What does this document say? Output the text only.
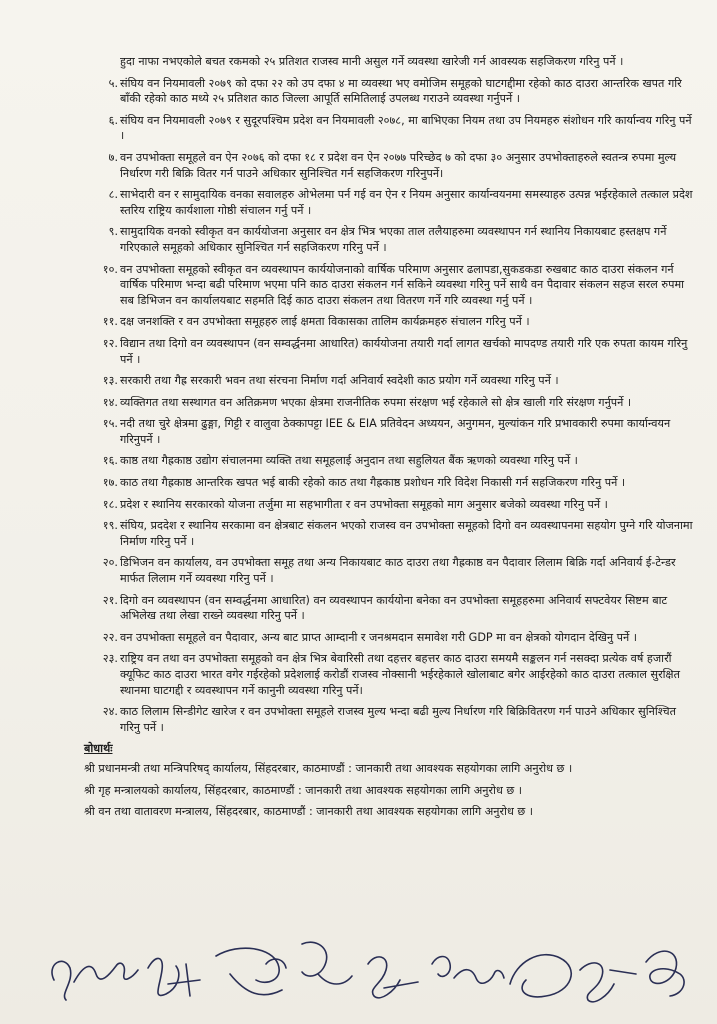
हुदा नाफा नभएकोले बचत रकमको २५ प्रतिशत राजस्व मानी असुल गर्ने व्यवस्था खारेजी गर्न आवस्यक सहजिकरण गरिनु पर्ने ।

५. संघिय वन नियमावली २०७९ को दफा २२ को उप दफा ४ मा व्यवस्था भए वमोजिम समूहको घाटगद्दीमा रहेको काठ दाउरा आन्तरिक खपत गरि बाँकी रहेको काठ मध्ये २५ प्रतिशत काठ जिल्ला आपूर्ति समितिलाई उपलब्ध गराउने व्यवस्था गर्नुपर्ने ।
६. संघिय वन नियमावली २०७९ र सुदूरपश्चिम प्रदेश वन नियमावली २०७८, मा बाभिएका नियम तथा उप नियमहरु संशोधन गरि कार्यान्वय गरिनु पर्ने ।
७. वन उपभोक्ता समूहले वन ऐन २०७६ को दफा १८ र प्रदेश वन ऐन २०७७ परिच्छेद ७ को दफा ३० अनुसार उपभोक्ताहरुले स्वतन्त्र रुपमा मुल्य निर्धारण गरी बिक्रि वितर गर्न पाउने अधिकार सुनिश्चित गर्न सहजिकरण गरिनुपर्ने।
८. साभेदारी वन र सामुदायिक वनका सवालहरु ओभेलमा पर्न गई वन ऐन र नियम अनुसार कार्यान्वयनमा समस्याहरु उत्पन्न भईरहेकाले तत्काल प्रदेश स्तरिय राष्ट्रिय कार्यशाला गोष्ठी संचालन गर्नु पर्ने ।
९. सामुदायिक वनको स्वीकृत वन कार्ययोजना अनुसार वन क्षेत्र भित्र भएका ताल तलैयाहरुमा व्यवस्थापन गर्न स्थानिय निकायबाट हस्तक्षप गर्ने गरिएकाले समूहको अधिकार सुनिश्चित गर्न सहजिकरण गरिनु पर्ने ।
१०. वन उपभोक्ता समूहको स्वीकृत वन व्यवस्थापन कार्ययोजनाको वार्षिक परिमाण अनुसार ढलापडा,सुकडकडा रुखबाट काठ दाउरा संकलन गर्न वार्षिक परिमाण भन्दा बढी परिमाण भएमा पनि काठ दाउरा संकलन गर्न सकिने व्यवस्था गरिनु पर्ने साथै वन पैदावार संकलन सहज सरल रुपमा सब डिभिजन वन कार्यालयबाट सहमति दिई काठ दाउरा संकलन तथा वितरण गर्ने गरि व्यवस्था गर्नु पर्ने ।
११. दक्ष जनशक्ति र वन उपभोक्ता समूहहरु लाई क्षमता विकासका तालिम कार्यक्रमहरु संचालन गरिनु पर्ने ।
१२. विद्यान तथा दिगो वन व्यवस्थापन (वन सम्वर्द्धनमा आधारित) कार्ययोजना तयारी गर्दा लागत खर्चको मापदण्ड तयारी गरि एक रुपता कायम गरिनु पर्ने ।
१३. सरकारी तथा गैह्र सरकारी भवन तथा संरचना निर्माण गर्दा अनिवार्य स्वदेशी काठ प्रयोग गर्ने व्यवस्था गरिनु पर्ने ।
१४. व्यक्तिगत तथा सस्थागत वन अतिक्रमण भएका क्षेत्रमा राजनीतिक रुपमा संरक्षण भई रहेकाले सो क्षेत्र खाली गरि संरक्षण गर्नुपर्ने ।
१५. नदी तथा चुरे क्षेत्रमा ढुङ्गा, गिट्टी र वालुवा ठेक्कापट्टा IEE & EIA प्रतिवेदन अध्ययन, अनुगमन, मुल्यांकन गरि प्रभावकारी रुपमा कार्यान्वयन गरिनुपर्ने ।
१६. काष्ठ तथा गैह्रकाष्ठ उद्योग संचालनमा व्यक्ति तथा समूहलाई अनुदान तथा सहुलियत बैंक ऋणको व्यवस्था गरिनु पर्ने ।
१७. काठ तथा गैह्रकाष्ठ आन्तरिक खपत भई बाकी रहेको काठ तथा गैह्रकाष्ठ प्रशोधन गरि विदेश निकासी गर्न सहजिकरण गरिनु पर्ने ।
१८. प्रदेश र स्थानिय सरकारको योजना तर्जुमा मा सहभागीता र वन उपभोक्ता समूहको माग अनुसार बजेको व्यवस्था गरिनु पर्ने ।
१९. संघिय, प्रददेश र स्थानिय सरकामा वन क्षेत्रबाट संकलन भएको राजस्व वन उपभोक्ता समूहको दिगो वन व्यवस्थापनमा सहयोग पुग्ने गरि योजनामा निर्माण गरिनु पर्ने ।
२०. डिभिजन वन कार्यालय, वन उपभोक्ता समूह तथा अन्य निकायबाट काठ दाउरा तथा गैह्रकाष्ठ वन पैदावार लिलाम बिक्रि गर्दा अनिवार्य ई-टेन्डर मार्फत लिलाम गर्ने व्यवस्था गरिनु पर्ने ।
२१. दिगो वन व्यवस्थापन (वन सम्वर्द्धनमा आधारित) वन व्यवस्थापन कार्ययोना बनेका वन उपभोक्ता समूहहरुमा अनिवार्य सफ्टवेयर सिष्टम बाट अभिलेख तथा लेखा राख्ने व्यवस्था गरिनु पर्ने ।
२२. वन उपभोक्ता समूहले वन पैदावार, अन्य बाट प्राप्त आम्दानी र जनश्रमदान समावेश गरी GDP मा वन क्षेत्रको योगदान देखिनु पर्ने ।
२३. राष्ट्रिय वन तथा वन उपभोक्ता समूहको वन क्षेत्र भित्र बेवारिसी तथा दहत्तर बहत्तर काठ दाउरा समयमै सङ्कलन गर्न नसक्दा प्रत्येक वर्ष हजारौं क्यूफिट काठ दाउरा भारत वगेर गईरहेको प्रदेशलाई करोडौं राजस्व नोक्सानी भईरहेकाले खोलाबाट बगेर आईरहेको काठ दाउरा तत्काल सुरक्षित स्थानमा घाटगद्दी र व्यवस्थापन गर्ने कानुनी व्यवस्था गरिनु पर्ने।
२४. काठ लिलाम सिन्डीगेट खारेज र वन उपभोक्ता समूहले राजस्व मुल्य भन्दा बढी मुल्य निर्धारण गरि बिक्रिवितरण गर्न पाउने अधिकार सुनिश्चित गरिनु पर्ने ।
बोधार्थः
श्री प्रधानमन्त्री तथा मन्त्रिपरिषद् कार्यालय, सिंहदरबार, काठमाण्डौं : जानकारी तथा आवश्यक सहयोगका लागि अनुरोध छ ।
श्री गृह मन्त्रालयको कार्यालय, सिंहदरबार, काठमाण्डौं : जानकारी तथा आवश्यक सहयोगका लागि अनुरोध छ ।
श्री वन तथा वातावरण मन्त्रालय, सिंहदरबार, काठमाण्डौं : जानकारी तथा आवश्यक सहयोगका लागि अनुरोध छ ।
